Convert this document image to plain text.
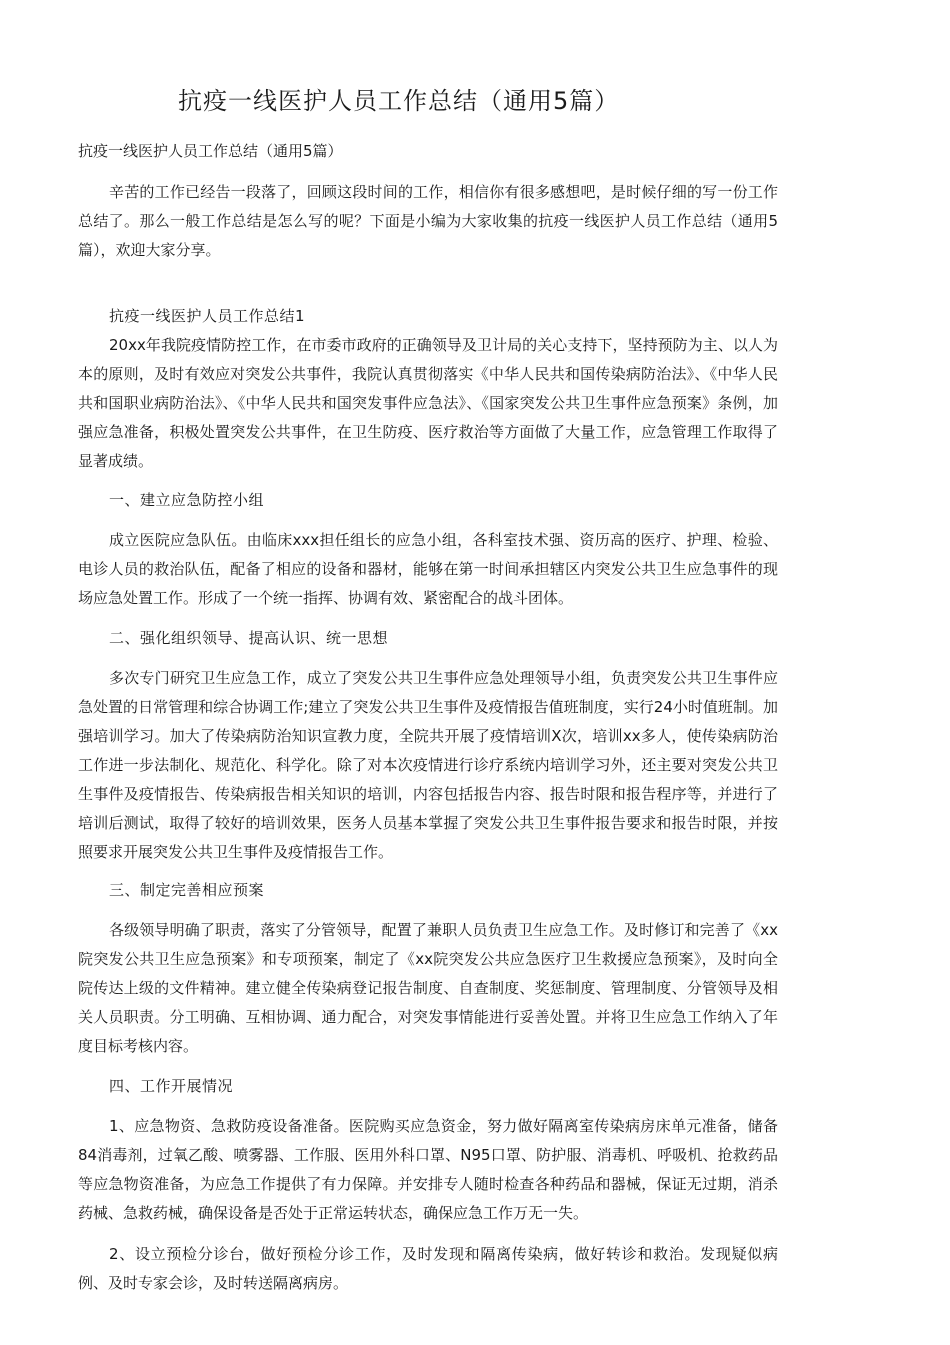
抗疫一线医护人员工作总结（通用5篇）
抗疫一线医护人员工作总结（通用5篇）

辛苦的工作已经告一段落了，回顾这段时间的工作，相信你有很多感想吧，是时候仔细的写一份工作总结了。那么一般工作总结是怎么写的呢？下面是小编为大家收集的抗疫一线医护人员工作总结（通用5篇），欢迎大家分享。

抗疫一线医护人员工作总结1

20xx年我院疫情防控工作，在市委市政府的正确领导及卫计局的关心支持下，坚持预防为主、以人为本的原则，及时有效应对突发公共事件，我院认真贯彻落实《中华人民共和国传染病防治法》、《中华人民共和国职业病防治法》、《中华人民共和国突发事件应急法》、《国家突发公共卫生事件应急预案》条例，加强应急准备，积极处置突发公共事件，在卫生防疫、医疗救治等方面做了大量工作，应急管理工作取得了显著成绩。

一、建立应急防控小组

成立医院应急队伍。由临床xxx担任组长的应急小组，各科室技术强、资历高的医疗、护理、检验、电诊人员的救治队伍，配备了相应的设备和器材，能够在第一时间承担辖区内突发公共卫生应急事件的现场应急处置工作。形成了一个统一指挥、协调有效、紧密配合的战斗团体。

二、强化组织领导、提高认识、统一思想

多次专门研究卫生应急工作，成立了突发公共卫生事件应急处理领导小组，负责突发公共卫生事件应急处置的日常管理和综合协调工作;建立了突发公共卫生事件及疫情报告值班制度，实行24小时值班制。加强培训学习。加大了传染病防治知识宣教力度，全院共开展了疫情培训X次，培训xx多人，使传染病防治工作进一步法制化、规范化、科学化。除了对本次疫情进行诊疗系统内培训学习外，还主要对突发公共卫生事件及疫情报告、传染病报告相关知识的培训，内容包括报告内容、报告时限和报告程序等，并进行了培训后测试，取得了较好的培训效果，医务人员基本掌握了突发公共卫生事件报告要求和报告时限，并按照要求开展突发公共卫生事件及疫情报告工作。

三、制定完善相应预案

各级领导明确了职责，落实了分管领导，配置了兼职人员负责卫生应急工作。及时修订和完善了《xx院突发公共卫生应急预案》和专项预案，制定了《xx院突发公共应急医疗卫生救援应急预案》，及时向全院传达上级的文件精神。建立健全传染病登记报告制度、自查制度、奖惩制度、管理制度、分管领导及相关人员职责。分工明确、互相协调、通力配合，对突发事情能进行妥善处置。并将卫生应急工作纳入了年度目标考核内容。

四、工作开展情况

1、应急物资、急救防疫设备准备。医院购买应急资金，努力做好隔离室传染病房床单元准备，储备84消毒剂，过氧乙酸、喷雾器、工作服、医用外科口罩、N95口罩、防护服、消毒机、呼吸机、抢救药品等应急物资准备，为应急工作提供了有力保障。并安排专人随时检查各种药品和器械，保证无过期，消杀药械、急救药械，确保设备是否处于正常运转状态，确保应急工作万无一失。

2、设立预检分诊台，做好预检分诊工作，及时发现和隔离传染病，做好转诊和救治。发现疑似病例、及时专家会诊，及时转送隔离病房。
